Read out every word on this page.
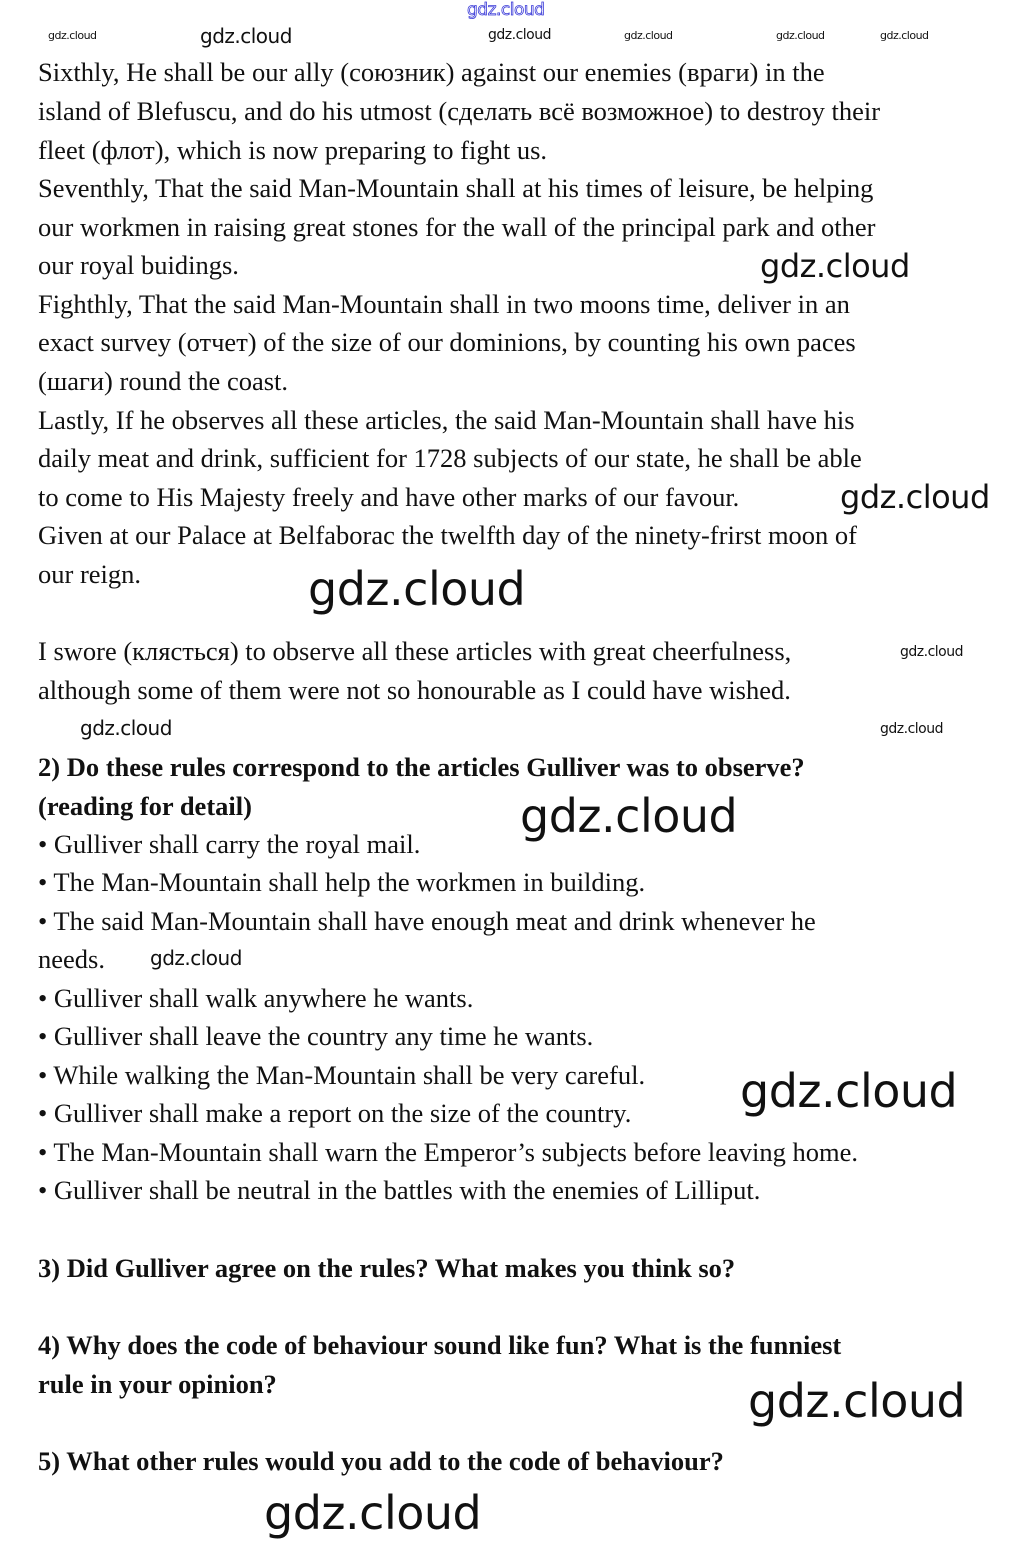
gdz.cloud
Sixthly, He shall be our ally (союзник) against our enemies (враги) in the
island of Blefuscu, and do his utmost (сделать всё возможное) to destroy their
fleet (флот), which is now preparing to fight us.
Seventhly, That the said Man-Mountain shall at his times of leisure, be helping
our workmen in raising great stones for the wall of the principal park and other
our royal buidings.
Fighthly, That the said Man-Mountain shall in two moons time, deliver in an
exact survey (отчет) of the size of our dominions, by counting his own paces
(шаги) round the coast.
Lastly, If he observes all these articles, the said Man-Mountain shall have his
daily meat and drink, sufficient for 1728 subjects of our state, he shall be able
to come to His Majesty freely and have other marks of our favour.
Given at our Palace at Belfaborac the twelfth day of the ninety-frirst moon of
our reign.
I swore (клясться) to observe all these articles with great cheerfulness,
although some of them were not so honourable as I could have wished.
2) Do these rules correspond to the articles Gulliver was to observe?
(reading for detail)
• Gulliver shall carry the royal mail.
• The Man-Mountain shall help the workmen in building.
• The said Man-Mountain shall have enough meat and drink whenever he
needs.
• Gulliver shall walk anywhere he wants.
• Gulliver shall leave the country any time he wants.
• While walking the Man-Mountain shall be very careful.
• Gulliver shall make a report on the size of the country.
• The Man-Mountain shall warn the Emperor’s subjects before leaving home.
• Gulliver shall be neutral in the battles with the enemies of Lilliput.
3) Did Gulliver agree on the rules? What makes you think so?
4) Why does the code of behaviour sound like fun? What is the funniest
rule in your opinion?
5) What other rules would you add to the code of behaviour?
gdz.cloud	gdz.cloud	gdz.cloud	gdz.cloud	gdz.cloud	gdz.cloud
gdz.cloud
gdz.cloud
gdz.cloud
gdz.cloud
gdz.cloud	gdz.cloud
gdz.cloud
gdz.cloud
gdz.cloud
gdz.cloud
gdz.cloud
